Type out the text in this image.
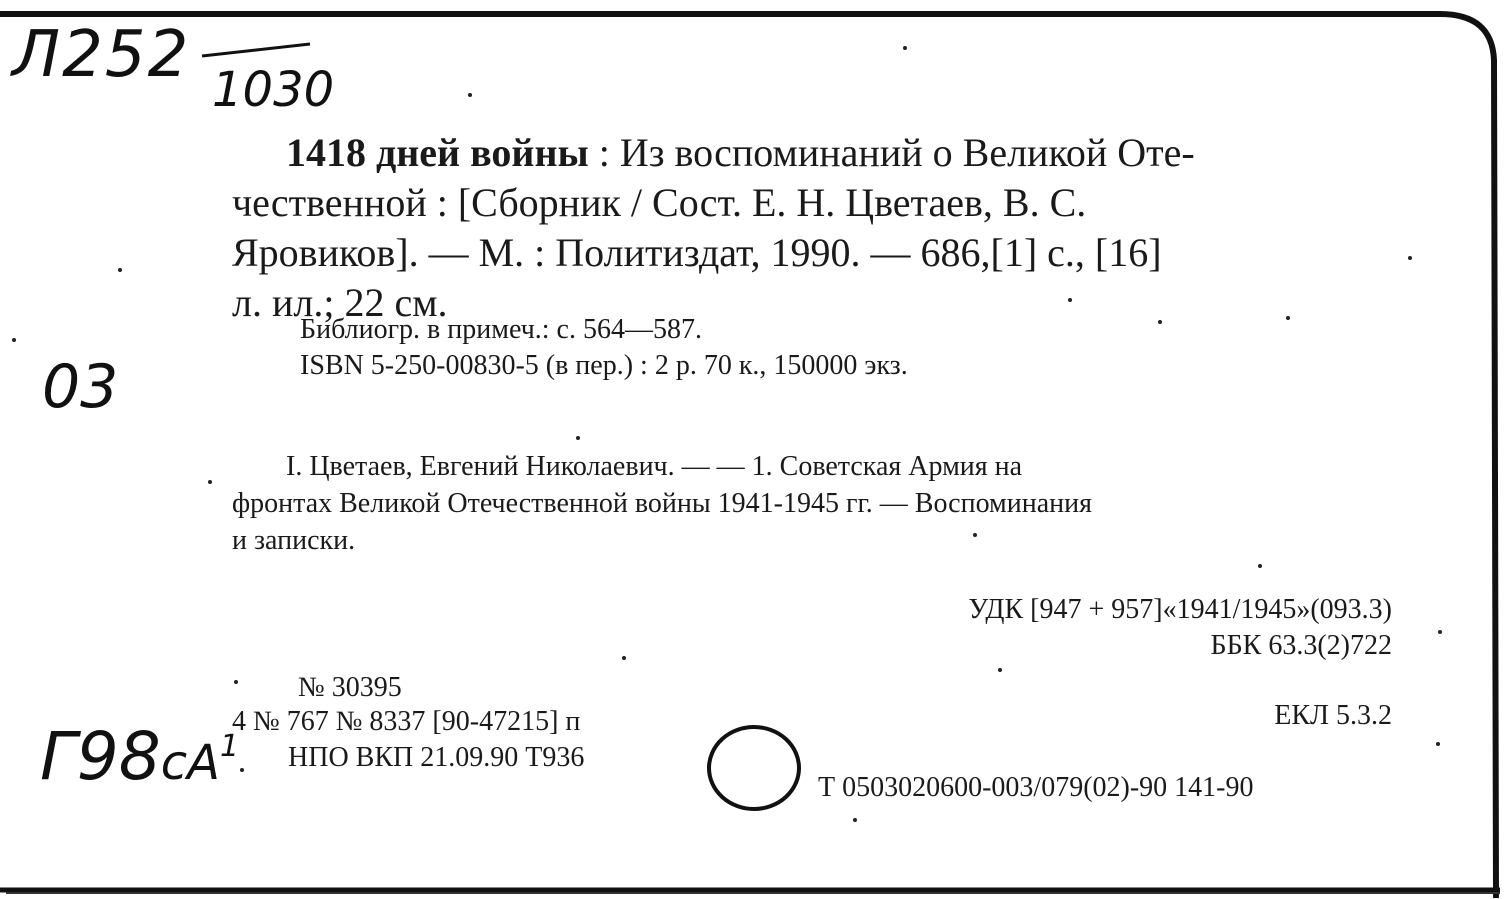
Л252 1030
03
$Г98сА^1$
1418 дней войны : Из воспоминаний о Великой Оте-
чественной : [Сборник / Сост. Е. Н. Цветаев, В. С.
Яровиков]. — М. : Политиздат, 1990. — 686,[1] с., [16]
л. ил.; 22 см.
Библиогр. в примеч.: с. 564—587.
ISBN 5-250-00830-5 (в пер.) : 2 р. 70 к., 150000 экз.
I. Цветаев, Евгений Николаевич. — — 1. Советская Армия на
фронтах Великой Отечественной войны 1941-1945 гг. — Воспоминания
и записки.
УДК [947 + 957]«1941/1945»(093.3)
ББК 63.3(2)722
ЕКЛ 5.3.2
Т 0503020600-003/079(02)-90 141-90
№ 30395
4 № 767 № 8337 [90-47215] п
НПО ВКП 21.09.90 Т936
